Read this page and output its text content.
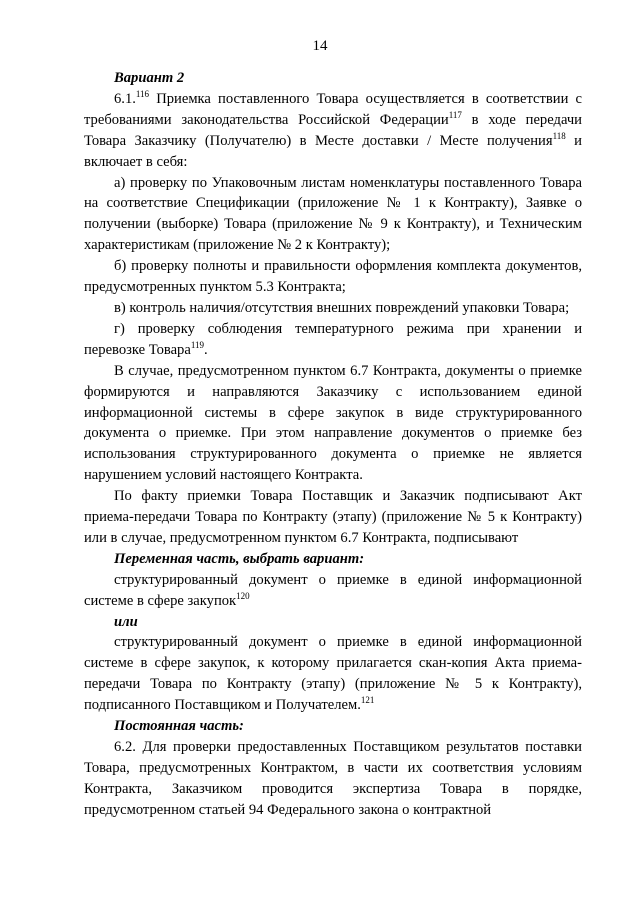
14

Вариант 2

6.1.$^{116}$ Приемка поставленного Товара осуществляется в соответствии с требованиями законодательства Российской Федерации$^{117}$ в ходе передачи Товара Заказчику (Получателю) в Месте доставки / Месте получения$^{118}$ и включает в себя:

а) проверку по Упаковочным листам номенклатуры поставленного Товара на соответствие Спецификации (приложение № 1 к Контракту), Заявке о получении (выборке) Товара (приложение № 9 к Контракту), и Техническим характеристикам (приложение № 2 к Контракту);

б) проверку полноты и правильности оформления комплекта документов, предусмотренных пунктом 5.3 Контракта;

в) контроль наличия/отсутствия внешних повреждений упаковки Товара;

г) проверку соблюдения температурного режима при хранении и перевозке Товара$^{119}$.

В случае, предусмотренном пунктом 6.7 Контракта, документы о приемке формируются и направляются Заказчику с использованием единой информационной системы в сфере закупок в виде структурированного документа о приемке. При этом направление документов о приемке без использования структурированного документа о приемке не является нарушением условий настоящего Контракта.

По факту приемки Товара Поставщик и Заказчик подписывают Акт приема-передачи Товара по Контракту (этапу) (приложение № 5 к Контракту) или в случае, предусмотренном пунктом 6.7 Контракта, подписывают

Переменная часть, выбрать вариант:

структурированный документ о приемке в единой информационной системе в сфере закупок$^{120}$

или

структурированный документ о приемке в единой информационной системе в сфере закупок, к которому прилагается скан-копия Акта приема-передачи Товара по Контракту (этапу) (приложение № 5 к Контракту), подписанного Поставщиком и Получателем.$^{121}$

Постоянная часть:

6.2. Для проверки предоставленных Поставщиком результатов поставки Товара, предусмотренных Контрактом, в части их соответствия условиям Контракта, Заказчиком проводится экспертиза Товара в порядке, предусмотренном статьей 94 Федерального закона о контрактной
